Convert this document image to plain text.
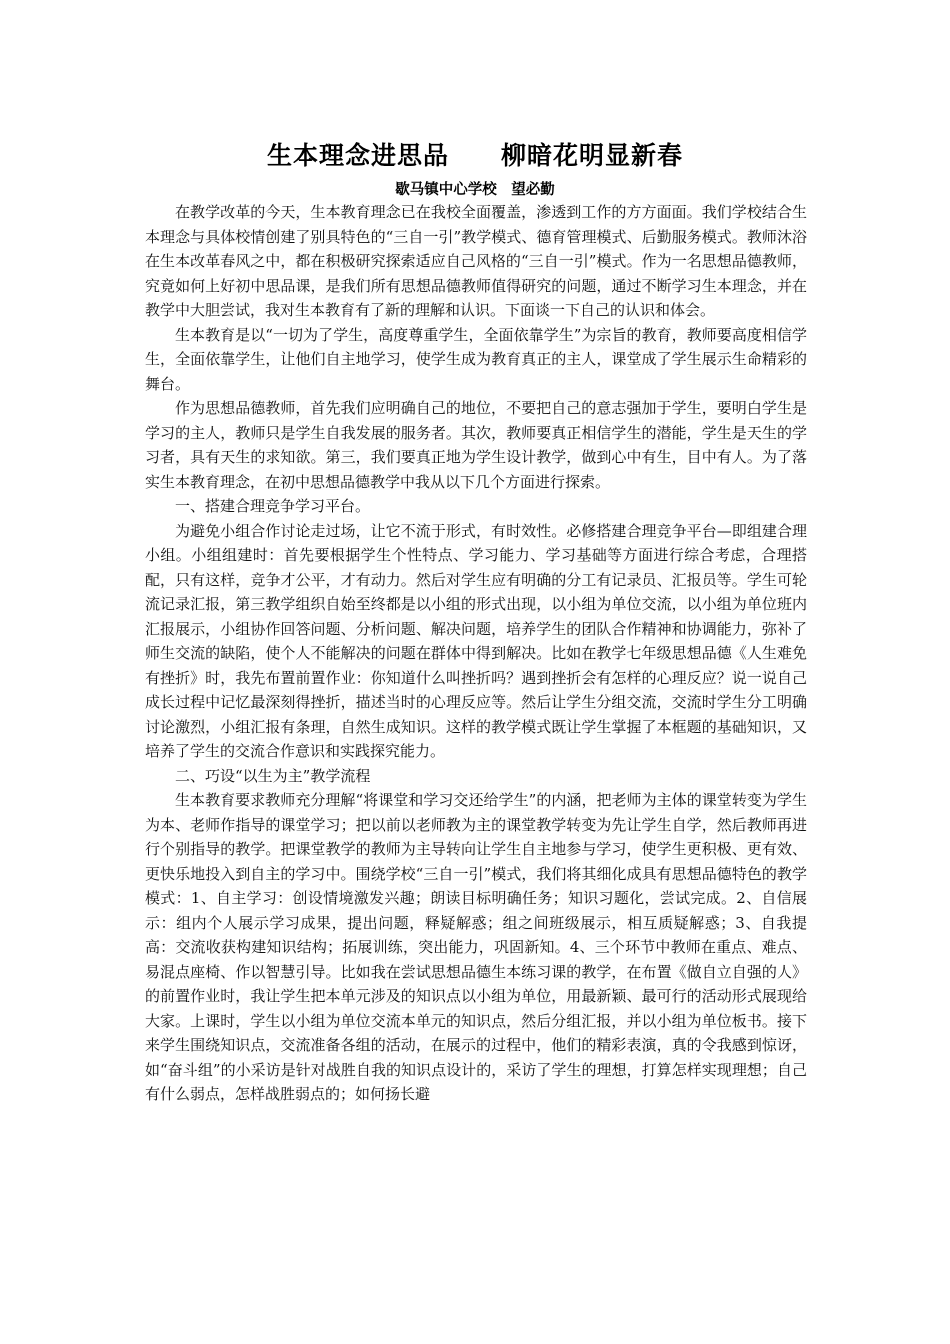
生本理念进思品　　柳暗花明显新春
歇马镇中心学校　望必勤

在教学改革的今天，生本教育理念已在我校全面覆盖，渗透到工作的方方面面。我们学校结合生本理念与具体校情创建了别具特色的“三自一引”教学模式、德育管理模式、后勤服务模式。教师沐浴在生本改革春风之中，都在积极研究探索适应自己风格的“三自一引”模式。作为一名思想品德教师，究竟如何上好初中思品课，是我们所有思想品德教师值得研究的问题，通过不断学习生本理念，并在教学中大胆尝试，我对生本教育有了新的理解和认识。下面谈一下自己的认识和体会。

生本教育是以“一切为了学生，高度尊重学生，全面依靠学生”为宗旨的教育，教师要高度相信学生，全面依靠学生，让他们自主地学习，使学生成为教育真正的主人，课堂成了学生展示生命精彩的舞台。

作为思想品德教师，首先我们应明确自己的地位，不要把自己的意志强加于学生，要明白学生是学习的主人，教师只是学生自我发展的服务者。其次，教师要真正相信学生的潜能，学生是天生的学习者，具有天生的求知欲。第三，我们要真正地为学生设计教学，做到心中有生，目中有人。为了落实生本教育理念，在初中思想品德教学中我从以下几个方面进行探索。

一、搭建合理竞争学习平台。

为避免小组合作讨论走过场，让它不流于形式，有时效性。必修搭建合理竞争平台—即组建合理小组。小组组建时：首先要根据学生个性特点、学习能力、学习基础等方面进行综合考虑，合理搭配，只有这样，竞争才公平，才有动力。然后对学生应有明确的分工有记录员、汇报员等。学生可轮流记录汇报，第三教学组织自始至终都是以小组的形式出现，以小组为单位交流，以小组为单位班内汇报展示，小组协作回答问题、分析问题、解决问题，培养学生的团队合作精神和协调能力，弥补了师生交流的缺陷，使个人不能解决的问题在群体中得到解决。比如在教学七年级思想品德《人生难免有挫折》时，我先布置前置作业：你知道什么叫挫折吗？遇到挫折会有怎样的心理反应？说一说自己成长过程中记忆最深刻得挫折，描述当时的心理反应等。然后让学生分组交流，交流时学生分工明确讨论激烈，小组汇报有条理，自然生成知识。这样的教学模式既让学生掌握了本框题的基础知识，又培养了学生的交流合作意识和实践探究能力。

二、巧设“以生为主”教学流程

生本教育要求教师充分理解“将课堂和学习交还给学生”的内涵，把老师为主体的课堂转变为学生为本、老师作指导的课堂学习；把以前以老师教为主的课堂教学转变为先让学生自学，然后教师再进行个别指导的教学。把课堂教学的教师为主导转向让学生自主地参与学习，使学生更积极、更有效、更快乐地投入到自主的学习中。围绕学校“三自一引”模式，我们将其细化成具有思想品德特色的教学模式：1、自主学习：创设情境激发兴趣；朗读目标明确任务；知识习题化，尝试完成。2、自信展示：组内个人展示学习成果，提出问题，释疑解惑；组之间班级展示，相互质疑解惑；3、自我提高：交流收获构建知识结构；拓展训练，突出能力，巩固新知。4、三个环节中教师在重点、难点、易混点座椅、作以智慧引导。比如我在尝试思想品德生本练习课的教学，在布置《做自立自强的人》的前置作业时，我让学生把本单元涉及的知识点以小组为单位，用最新颖、最可行的活动形式展现给大家。上课时，学生以小组为单位交流本单元的知识点，然后分组汇报，并以小组为单位板书。接下来学生围绕知识点，交流准备各组的活动，在展示的过程中，他们的精彩表演，真的令我感到惊讶，如“奋斗组”的小采访是针对战胜自我的知识点设计的，采访了学生的理想，打算怎样实现理想；自己有什么弱点，怎样战胜弱点的；如何扬长避
